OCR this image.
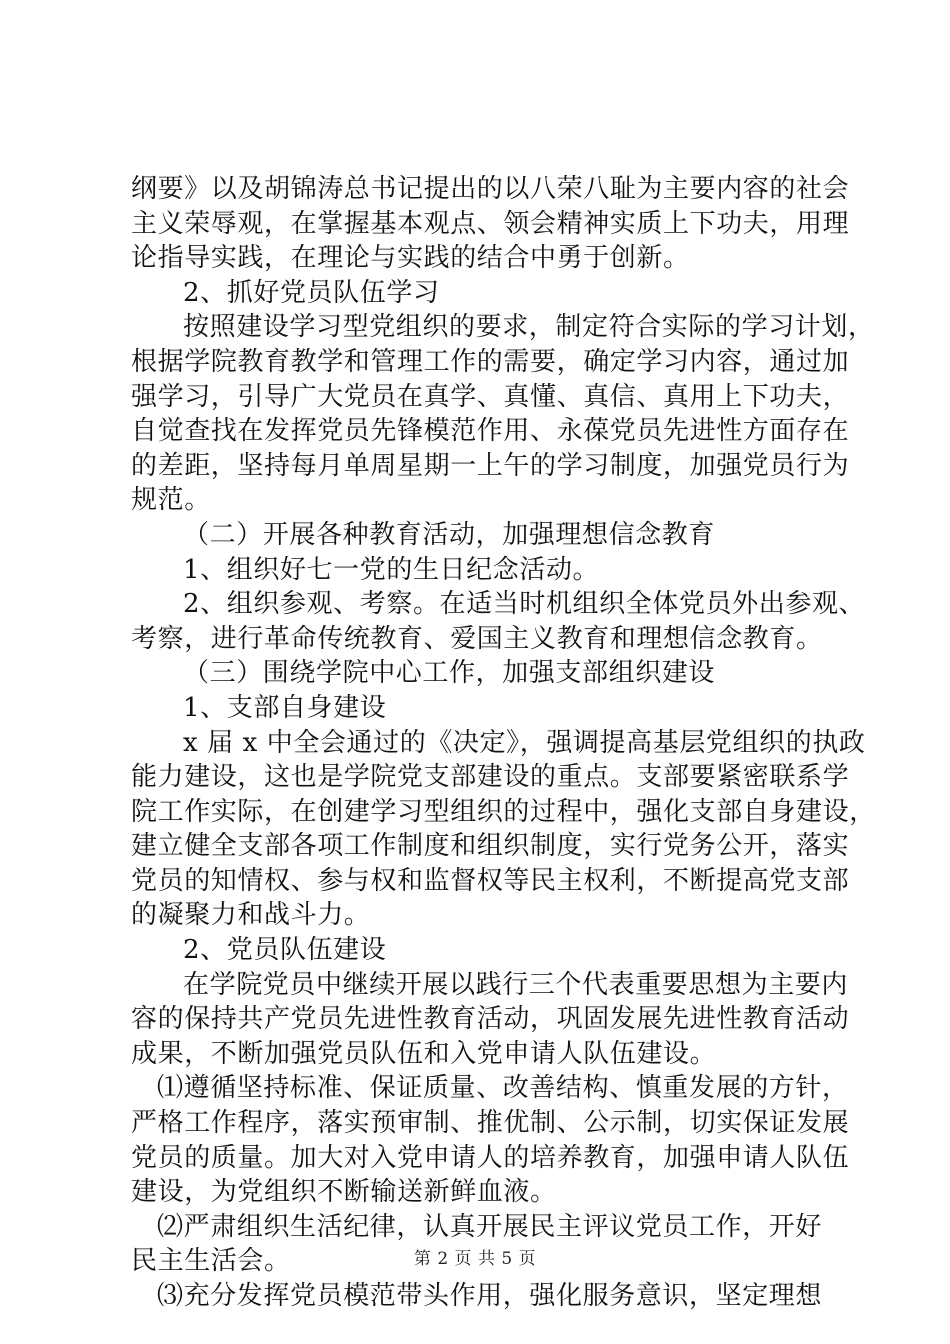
纲要》以及胡锦涛总书记提出的以八荣八耻为主要内容的社会
主义荣辱观，在掌握基本观点、领会精神实质上下功夫，用理
论指导实践，在理论与实践的结合中勇于创新。
2、抓好党员队伍学习
按照建设学习型党组织的要求，制定符合实际的学习计划，
根据学院教育教学和管理工作的需要，确定学习内容，通过加
强学习，引导广大党员在真学、真懂、真信、真用上下功夫，
自觉查找在发挥党员先锋模范作用、永葆党员先进性方面存在
的差距，坚持每月单周星期一上午的学习制度，加强党员行为
规范。
（二）开展各种教育活动，加强理想信念教育
1、组织好七一党的生日纪念活动。
2、组织参观、考察。在适当时机组织全体党员外出参观、
考察，进行革命传统教育、爱国主义教育和理想信念教育。
（三）围绕学院中心工作，加强支部组织建设
1、支部自身建设
x 届 x 中全会通过的《决定》，强调提高基层党组织的执政
能力建设，这也是学院党支部建设的重点。支部要紧密联系学
院工作实际，在创建学习型组织的过程中，强化支部自身建设，
建立健全支部各项工作制度和组织制度，实行党务公开，落实
党员的知情权、参与权和监督权等民主权利，不断提高党支部
的凝聚力和战斗力。
2、党员队伍建设
在学院党员中继续开展以践行三个代表重要思想为主要内
容的保持共产党员先进性教育活动，巩固发展先进性教育活动
成果，不断加强党员队伍和入党申请人队伍建设。
⑴遵循坚持标准、保证质量、改善结构、慎重发展的方针，
严格工作程序，落实预审制、推优制、公示制，切实保证发展
党员的质量。加大对入党申请人的培养教育，加强申请人队伍
建设，为党组织不断输送新鲜血液。
⑵严肃组织生活纪律，认真开展民主评议党员工作，开好
民主生活会。
⑶充分发挥党员模范带头作用，强化服务意识，坚定理想
第 2 页 共 5 页
